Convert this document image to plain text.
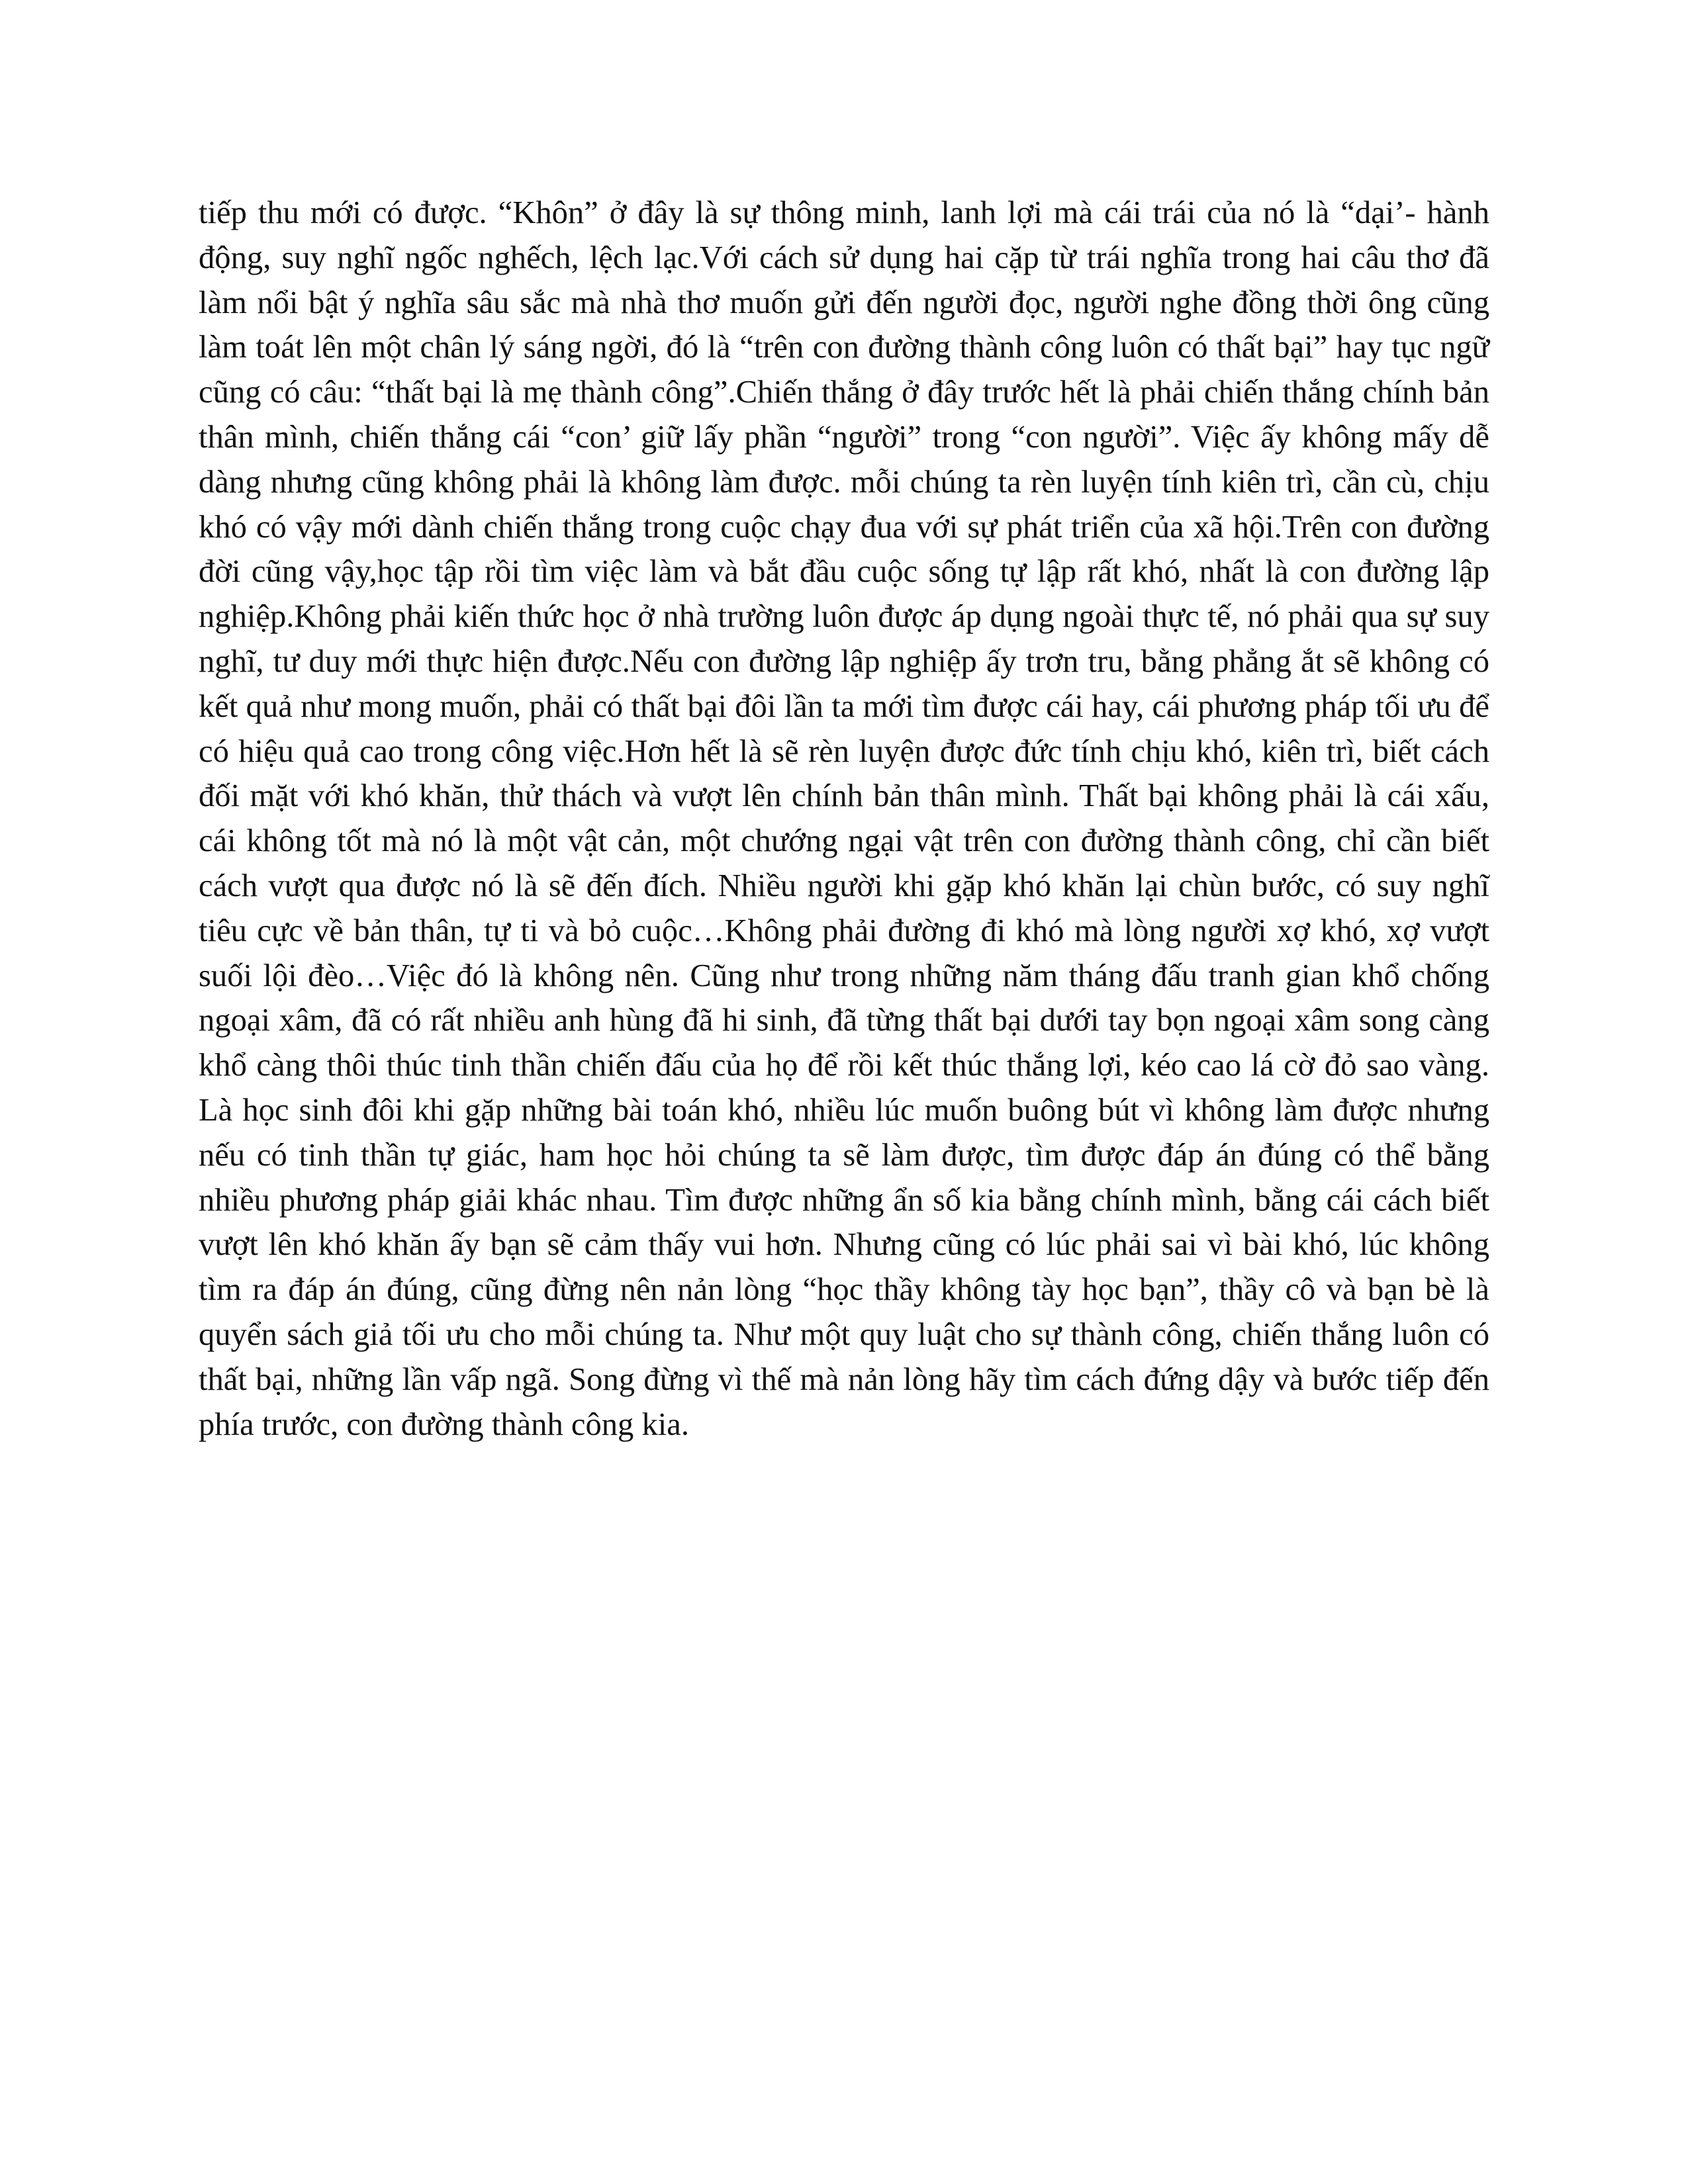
tiếp thu mới có được. “Khôn” ở đây là sự thông minh, lanh lợi mà cái trái của nó là “dại’- hành động, suy nghĩ ngốc nghếch, lệch lạc.Với cách sử dụng hai cặp từ trái nghĩa trong hai câu thơ đã làm nổi bật ý nghĩa sâu sắc mà nhà thơ muốn gửi đến người đọc, người nghe đồng thời ông cũng làm toát lên một chân lý sáng ngời, đó là “trên con đường thành công luôn có thất bại” hay tục ngữ cũng có câu: “thất bại là mẹ thành công”.Chiến thắng ở đây trước hết là phải chiến thắng chính bản thân mình, chiến thắng cái “con’ giữ lấy phần “người” trong “con người”. Việc ấy không mấy dễ dàng nhưng cũng không phải là không làm được. mỗi chúng ta rèn luyện tính kiên trì, cần cù, chịu khó có vậy mới dành chiến thắng trong cuộc chạy đua với sự phát triển của xã hội.Trên con đường đời cũng vậy,học tập rồi tìm việc làm và bắt đầu cuộc sống tự lập rất khó, nhất là con đường lập nghiệp.Không phải kiến thức học ở nhà trường luôn được áp dụng ngoài thực tế, nó phải qua sự suy nghĩ, tư duy mới thực hiện được.Nếu con đường lập nghiệp ấy trơn tru, bằng phẳng ắt sẽ không có kết quả như mong muốn, phải có thất bại đôi lần ta mới tìm được cái hay, cái phương pháp tối ưu để có hiệu quả cao trong công việc.Hơn hết là sẽ rèn luyện được đức tính chịu khó, kiên trì, biết cách đối mặt với khó khăn, thử thách và vượt lên chính bản thân mình. Thất bại không phải là cái xấu, cái không tốt mà nó là một vật cản, một chướng ngại vật trên con đường thành công, chỉ cần biết cách vượt qua được nó là sẽ đến đích. Nhiều người khi gặp khó khăn lại chùn bước, có suy nghĩ tiêu cực về bản thân, tự ti và bỏ cuộc…Không phải đường đi khó mà lòng người xợ khó, xợ vượt suối lội đèo…Việc đó là không nên. Cũng như trong những năm tháng đấu tranh gian khổ chống ngoại xâm, đã có rất nhiều anh hùng đã hi sinh, đã từng thất bại dưới tay bọn ngoại xâm song càng khổ càng thôi thúc tinh thần chiến đấu của họ để rồi kết thúc thắng lợi, kéo cao lá cờ đỏ sao vàng. Là học sinh đôi khi gặp những bài toán khó, nhiều lúc muốn buông bút vì không làm được nhưng nếu có tinh thần tự giác, ham học hỏi chúng ta sẽ làm được, tìm được đáp án đúng có thể bằng nhiều phương pháp giải khác nhau. Tìm được những ẩn số kia bằng chính mình, bằng cái cách biết vượt lên khó khăn ấy bạn sẽ cảm thấy vui hơn. Nhưng cũng có lúc phải sai vì bài khó, lúc không tìm ra đáp án đúng, cũng đừng nên nản lòng “học thầy không tày học bạn”, thầy cô và bạn bè là quyển sách giả tối ưu cho mỗi chúng ta. Như một quy luật cho sự thành công, chiến thắng luôn có thất bại, những lần vấp ngã. Song đừng vì thế mà nản lòng hãy tìm cách đứng dậy và bước tiếp đến phía trước, con đường thành công kia.
